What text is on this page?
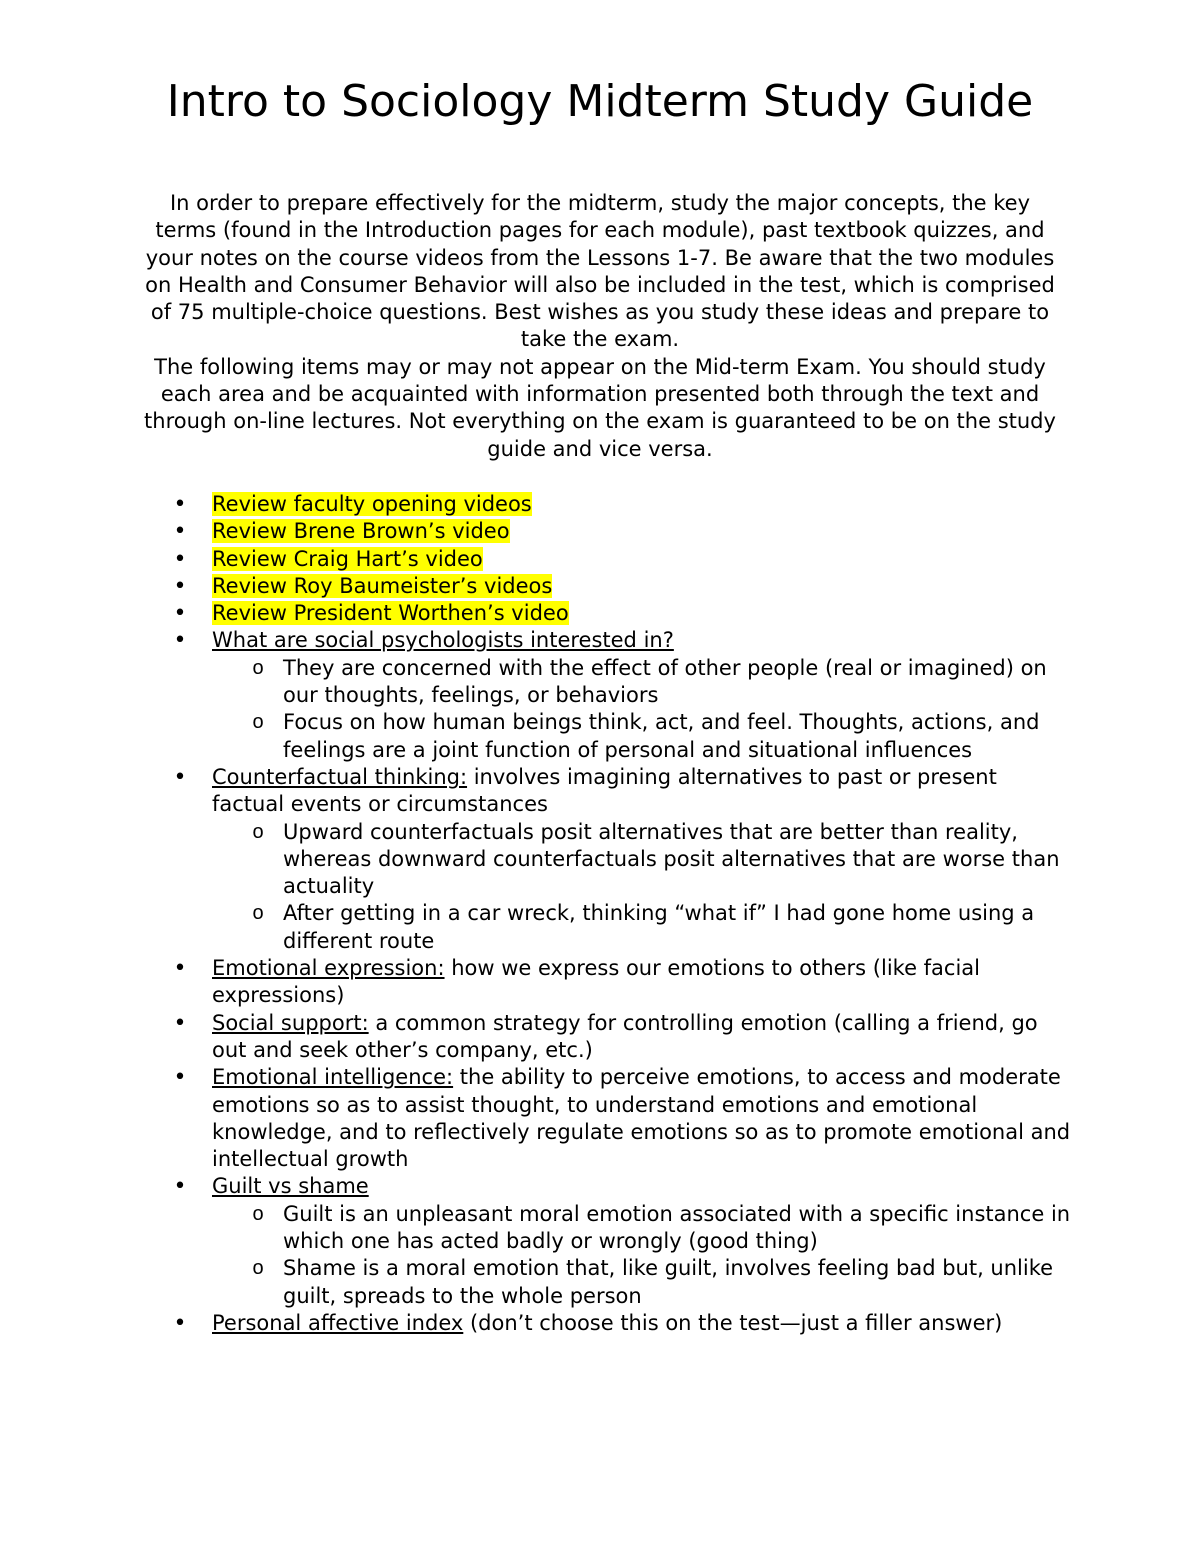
Intro to Sociology Midterm Study Guide

In order to prepare effectively for the midterm, study the major concepts, the key terms (found in the Introduction pages for each module), past textbook quizzes, and your notes on the course videos from the Lessons 1-7. Be aware that the two modules on Health and Consumer Behavior will also be included in the test, which is comprised of 75 multiple-choice questions. Best wishes as you study these ideas and prepare to take the exam.

The following items may or may not appear on the Mid-term Exam. You should study each area and be acquainted with information presented both through the text and through on-line lectures. Not everything on the exam is guaranteed to be on the study guide and vice versa.

• Review faculty opening videos
• Review Brene Brown’s video
• Review Craig Hart’s video
• Review Roy Baumeister’s videos
• Review President Worthen’s video
• What are social psychologists interested in?
o They are concerned with the effect of other people (real or imagined) on our thoughts, feelings, or behaviors
o Focus on how human beings think, act, and feel. Thoughts, actions, and feelings are a joint function of personal and situational influences
• Counterfactual thinking: involves imagining alternatives to past or present factual events or circumstances
o Upward counterfactuals posit alternatives that are better than reality, whereas downward counterfactuals posit alternatives that are worse than actuality
o After getting in a car wreck, thinking “what if” I had gone home using a different route
• Emotional expression: how we express our emotions to others (like facial expressions)
• Social support: a common strategy for controlling emotion (calling a friend, go out and seek other’s company, etc.)
• Emotional intelligence: the ability to perceive emotions, to access and moderate emotions so as to assist thought, to understand emotions and emotional knowledge, and to reflectively regulate emotions so as to promote emotional and intellectual growth
• Guilt vs shame
o Guilt is an unpleasant moral emotion associated with a specific instance in which one has acted badly or wrongly (good thing)
o Shame is a moral emotion that, like guilt, involves feeling bad but, unlike guilt, spreads to the whole person
• Personal affective index (don’t choose this on the test—just a filler answer)
